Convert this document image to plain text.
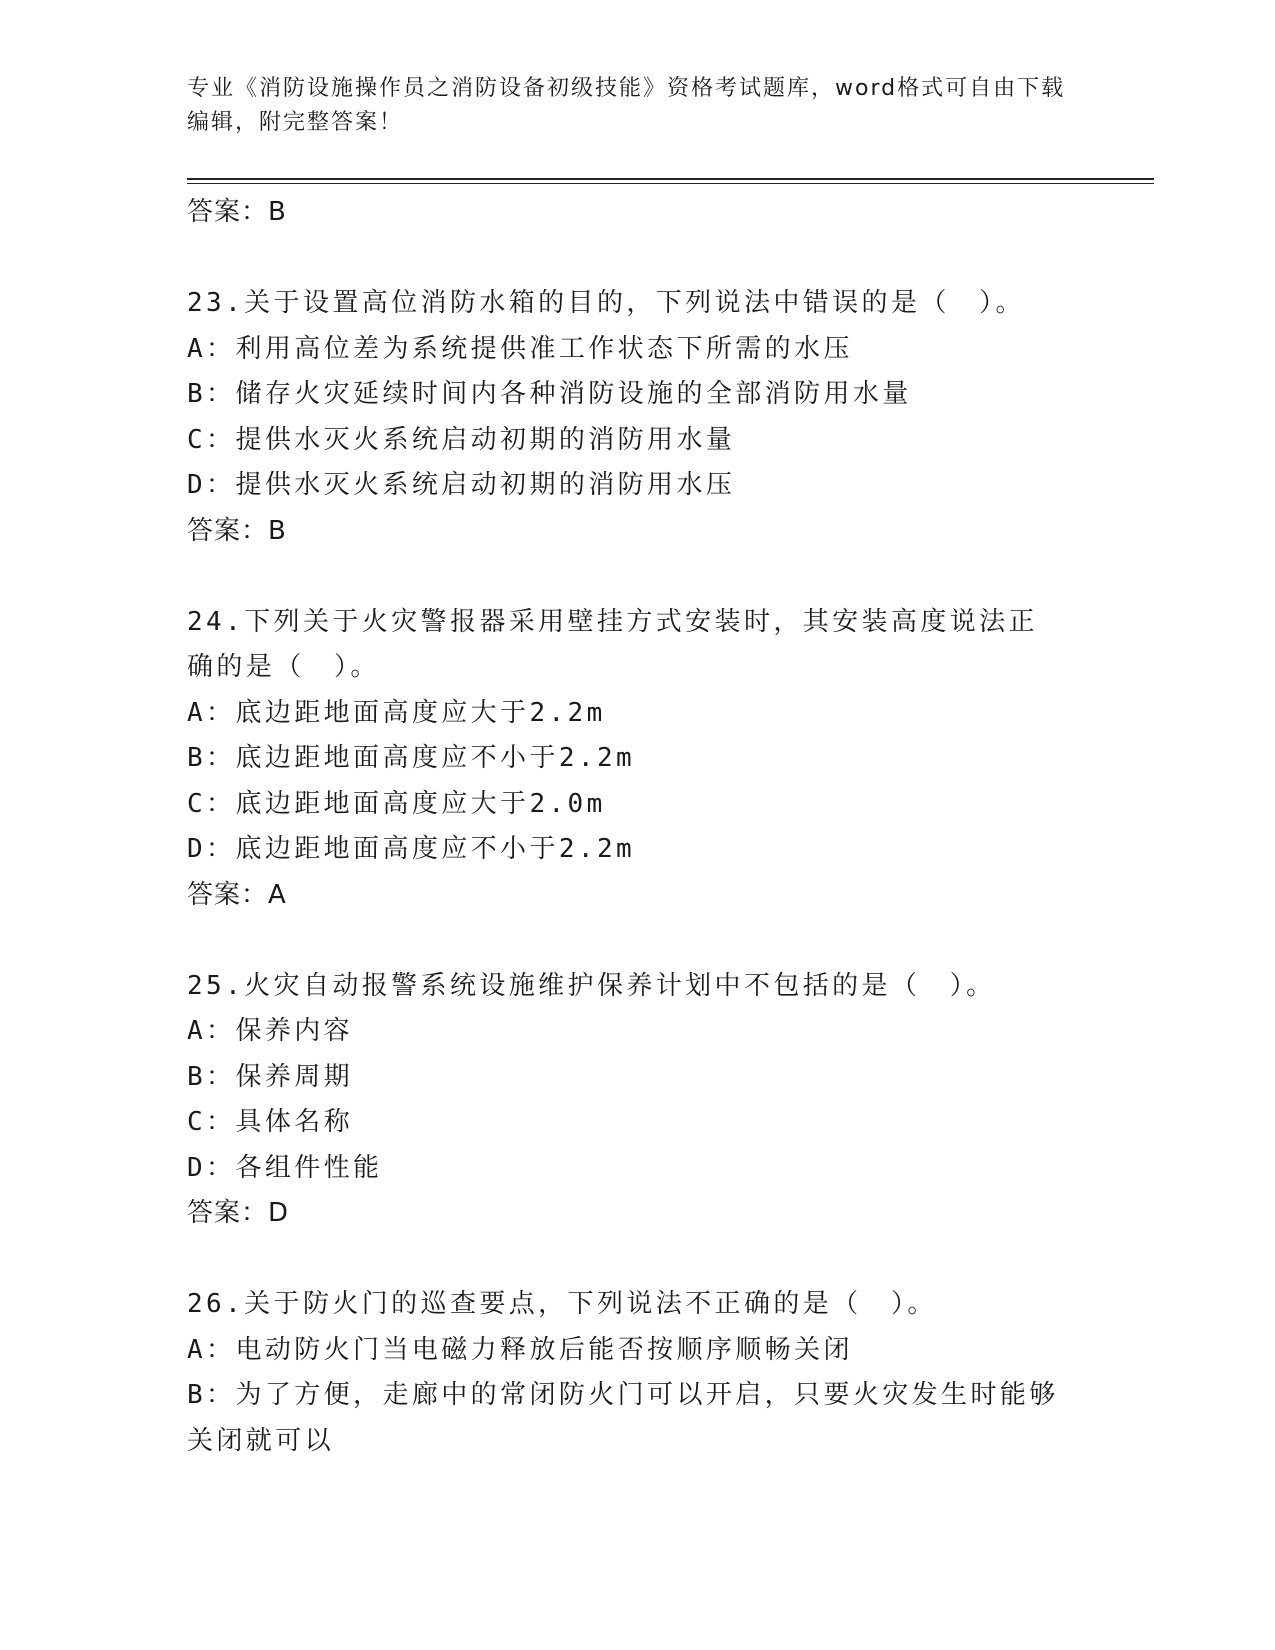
专业《消防设施操作员之消防设备初级技能》资格考试题库，word格式可自由下载编辑，附完整答案！
答案：B
23.关于设置高位消防水箱的目的，下列说法中错误的是（　）。
A：利用高位差为系统提供准工作状态下所需的水压
B：储存火灾延续时间内各种消防设施的全部消防用水量
C：提供水灭火系统启动初期的消防用水量
D：提供水灭火系统启动初期的消防用水压
答案：B
24.下列关于火灾警报器采用壁挂方式安装时，其安装高度说法正确的是（　）。
A：底边距地面高度应大于2.2m
B：底边距地面高度应不小于2.2m
C：底边距地面高度应大于2.0m
D：底边距地面高度应不小于2.2m
答案：A
25.火灾自动报警系统设施维护保养计划中不包括的是（　）。
A：保养内容
B：保养周期
C：具体名称
D：各组件性能
答案：D
26.关于防火门的巡查要点，下列说法不正确的是（　）。
A：电动防火门当电磁力释放后能否按顺序顺畅关闭
B：为了方便，走廊中的常闭防火门可以开启，只要火灾发生时能够关闭就可以
